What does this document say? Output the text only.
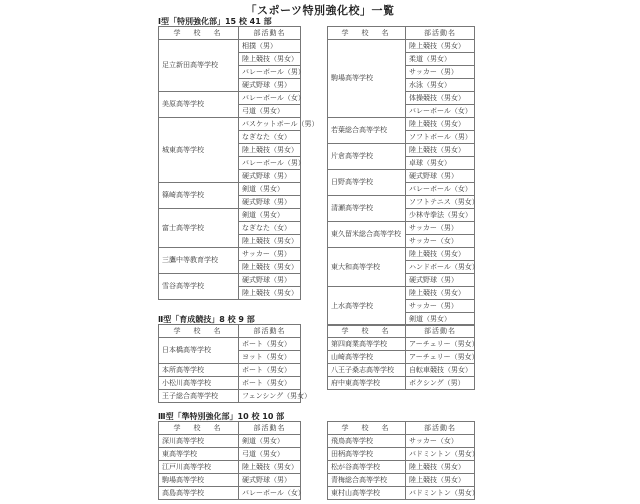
「スポーツ特別強化校」一覧
Ⅰ型「特別強化部」15 校 41 部
学　校　名	部活動名
足立新田高等学校	相撲（男）
	陸上競技（男女）
	バレーボール（男）
	硬式野球（男）
美原高等学校	バレーボール（女）
	弓道（男女）
城東高等学校	バスケットボール（男）
	なぎなた（女）
	陸上競技（男女）
	バレーボール（男）
	硬式野球（男）
篠崎高等学校	剣道（男女）
	硬式野球（男）
富士高等学校	剣道（男女）
	なぎなた（女）
	陸上競技（男女）
三鷹中等教育学校	サッカー（男）
	陸上競技（男女）
雪谷高等学校	硬式野球（男）
	陸上競技（男女）
学　校　名	部活動名
駒場高等学校	陸上競技（男女）
	柔道（男女）
	サッカー（男）
	水泳（男女）
	体操競技（男女）
	バレーボール（女）
若葉総合高等学校	陸上競技（男女）
	ソフトボール（男）
片倉高等学校	陸上競技（男女）
	卓球（男女）
日野高等学校	硬式野球（男）
	バレーボール（女）
清瀬高等学校	ソフトテニス（男女）
	少林寺拳法（男女）
東久留米総合高等学校	サッカー（男）
	サッカー（女）
東大和高等学校	陸上競技（男女）
	ハンドボール（男女）
	硬式野球（男）
上水高等学校	陸上競技（男女）
	サッカー（男）
	剣道（男女）
Ⅱ型「育成競技」8 校 9 部
学　校　名	部活動名
日本橋高等学校	ボート（男女）
	ヨット（男女）
本所高等学校	ボート（男女）
小松川高等学校	ボート（男女）
王子総合高等学校	フェンシング（男女）
学　校　名	部活動名
第四商業高等学校	アーチェリー（男女）
山崎高等学校	アーチェリー（男女）
八王子桑志高等学校	自転車競技（男女）
府中東高等学校	ボクシング（男）
Ⅲ型「準特別強化部」10 校 10 部
学　校　名	部活動名
深川高等学校	剣道（男女）
東高等学校	弓道（男女）
江戸川高等学校	陸上競技（男女）
駒場高等学校	硬式野球（男）
高島高等学校	バレーボール（女）
学　校　名	部活動名
飛鳥高等学校	サッカー（女）
田柄高等学校	バドミントン（男女）
松が谷高等学校	陸上競技（男女）
青梅総合高等学校	陸上競技（男女）
東村山高等学校	バドミントン（男女）
